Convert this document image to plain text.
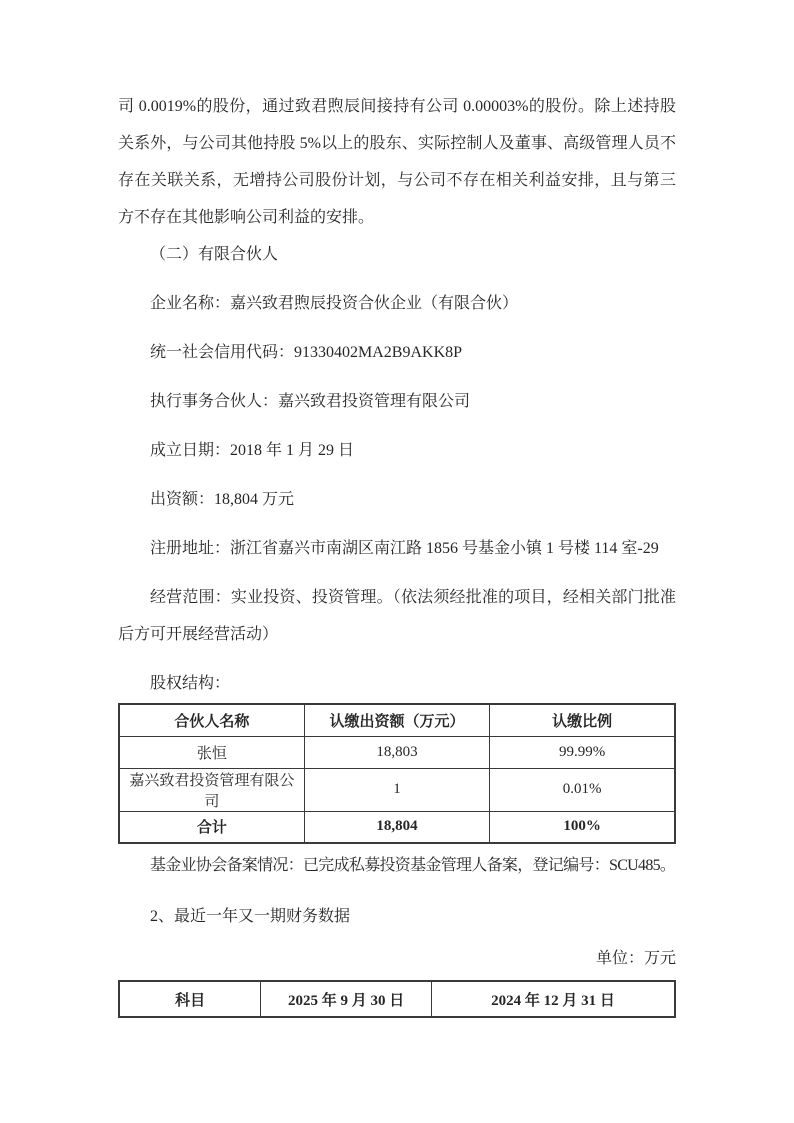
司 0.0019%的股份，通过致君煦辰间接持有公司 0.00003%的股份。除上述持股关系外，与公司其他持股 5%以上的股东、实际控制人及董事、高级管理人员不存在关联关系，无增持公司股份计划，与公司不存在相关利益安排，且与第三方不存在其他影响公司利益的安排。

（二）有限合伙人

企业名称：嘉兴致君煦辰投资合伙企业（有限合伙）

统一社会信用代码：91330402MA2B9AKK8P

执行事务合伙人：嘉兴致君投资管理有限公司

成立日期：2018 年 1 月 29 日

出资额：18,804 万元

注册地址：浙江省嘉兴市南湖区南江路 1856 号基金小镇 1 号楼 114 室-29

经营范围：实业投资、投资管理。（依法须经批准的项目，经相关部门批准后方可开展经营活动）

股权结构：

合伙人名称	认缴出资额（万元）	认缴比例
张恒	18,803	99.99%
嘉兴致君投资管理有限公司	1	0.01%
合计	18,804	100%

基金业协会备案情况：已完成私募投资基金管理人备案，登记编号：SCU485。

2、最近一年又一期财务数据

单位：万元

科目	2025 年 9 月 30 日	2024 年 12 月 31 日
